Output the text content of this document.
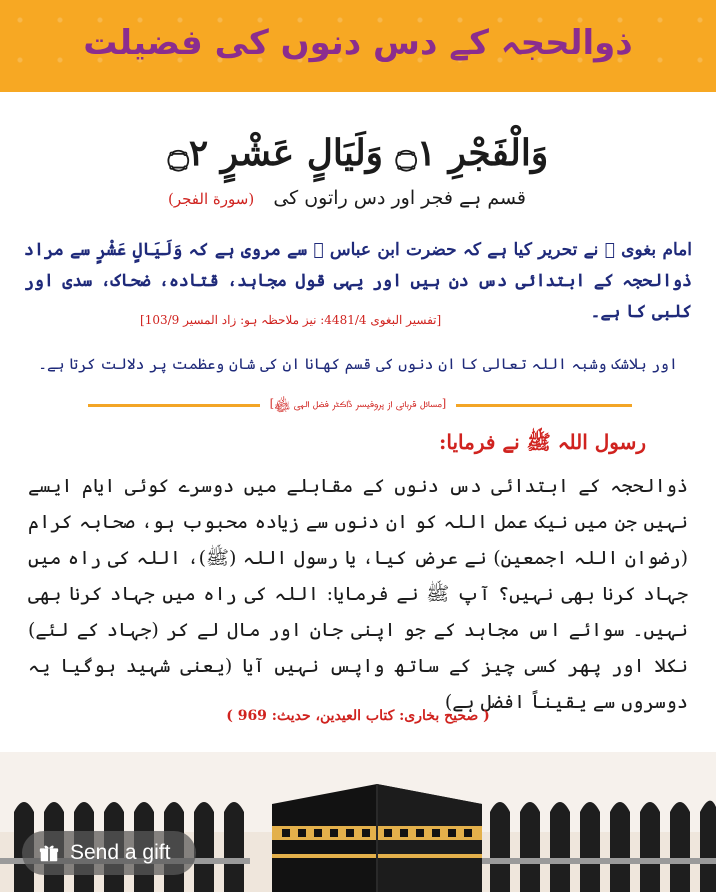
ذوالحجہ کے دس دنوں کی فضیلت
وَالْفَجْرِ ۝١ وَلَيَالٍ عَشْرٍ ۝٢
قسم ہے فجر اور دس راتوں کی
(سورة الفجر)
امام بغوی ﷫ نے تحریر کیا ہے کہ حضرت ابن عباس ﷠ سے مروی ہے کہ وَلَيَالٍ عَشْرٍ سے مراد ذوالحجہ کے ابتدائی دس دن ہیں اور یہی قول مجاہد، قتادہ، ضحاک، سدی اور کلبی کا ہے۔
[تفسیر البغوی 4481/4: نیز ملاحظہ ہو: زاد المسیر 103/9]
اور بلاشک وشبہ اللہ تعالی کا ان دنوں کی قسم کھانا ان کی شان وعظمت پر دلالت کرتا ہے۔
[مسائل قربانی از پروفیسر ڈاکٹر فضل الہی ﷾]
رسول اللہ ﷺ نے فرمایا:
ذوالحجہ کے ابتدائی دس دنوں کے مقابلے میں دوسرے کوئی ایام ایسے نہیں جن میں نیک عمل اللہ کو ان دنوں سے زیادہ محبوب ہو، صحابہ کرام (رضوان اللہ اجمعین) نے عرض کیا، یا رسول اللہ (ﷺ)، اللہ کی راہ میں جہاد کرنا بھی نہیں؟ آپ ﷺ نے فرمایا: اللہ کی راہ میں جہاد کرنا بھی نہیں۔ سوائے اس مجاہد کے جو اپنی جان اور مال لے کر (جہاد کے لئے) نکلا اور پھر کسی چیز کے ساتھ واپس نہیں آیا (یعنی شہید ہوگیا یہ دوسروں سے یقیناً افضل ہے)
( صحیح بخاری: کتاب العیدین، حدیث: 969 )
Send a gift
